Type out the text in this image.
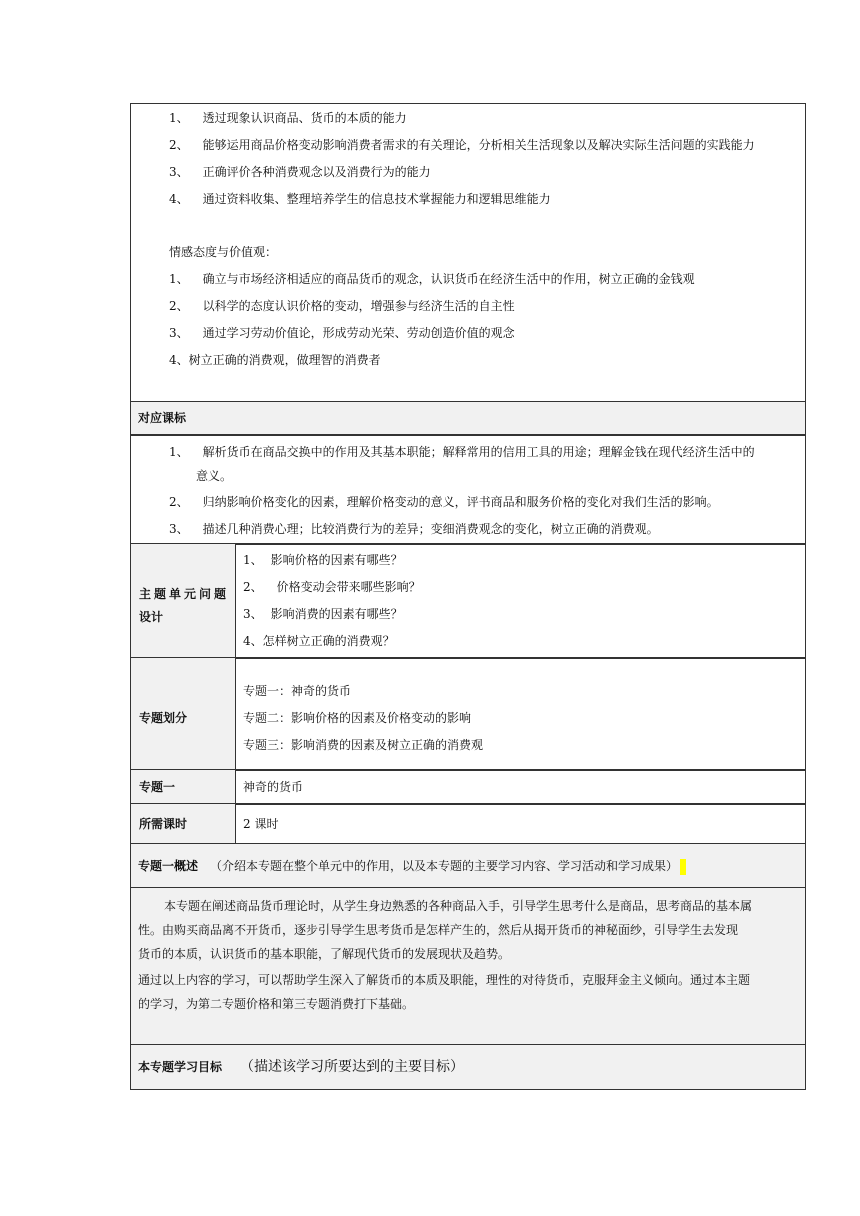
1、 透过现象认识商品、货币的本质的能力
2、 能够运用商品价格变动影响消费者需求的有关理论，分析相关生活现象以及解决实际生活问题的实践能力
3、 正确评价各种消费观念以及消费行为的能力
4、 通过资料收集、整理培养学生的信息技术掌握能力和逻辑思维能力
情感态度与价值观：
1、 确立与市场经济相适应的商品货币的观念，认识货币在经济生活中的作用，树立正确的金钱观
2、 以科学的态度认识价格的变动，增强参与经济生活的自主性
3、 通过学习劳动价值论，形成劳动光荣、劳动创造价值的观念
4、树立正确的消费观，做理智的消费者
对应课标
1、 解析货币在商品交换中的作用及其基本职能；解释常用的信用工具的用途；理解金钱在现代经济生活中的
意义。
2、 归纳影响价格变化的因素，理解价格变动的意义，评书商品和服务价格的变化对我们生活的影响。
3、 描述几种消费心理；比较消费行为的差异；变细消费观念的变化，树立正确的消费观。
主题单元问题
设计
1、 影响价格的因素有哪些？
2、 价格变动会带来哪些影响？
3、 影响消费的因素有哪些？
4、怎样树立正确的消费观？
专题划分
专题一：神奇的货币
专题二：影响价格的因素及价格变动的影响
专题三：影响消费的因素及树立正确的消费观
专题一	神奇的货币
所需课时	2 课时
专题一概述 （介绍本专题在整个单元中的作用，以及本专题的主要学习内容、学习活动和学习成果）
本专题在阐述商品货币理论时，从学生身边熟悉的各种商品入手，引导学生思考什么是商品，思考商品的基本属
性。由购买商品离不开货币，逐步引导学生思考货币是怎样产生的，然后从揭开货币的神秘面纱，引导学生去发现
货币的本质，认识货币的基本职能，了解现代货币的发展现状及趋势。
通过以上内容的学习，可以帮助学生深入了解货币的本质及职能，理性的对待货币，克服拜金主义倾向。通过本主题
的学习，为第二专题价格和第三专题消费打下基础。
本专题学习目标 （描述该学习所要达到的主要目标）
